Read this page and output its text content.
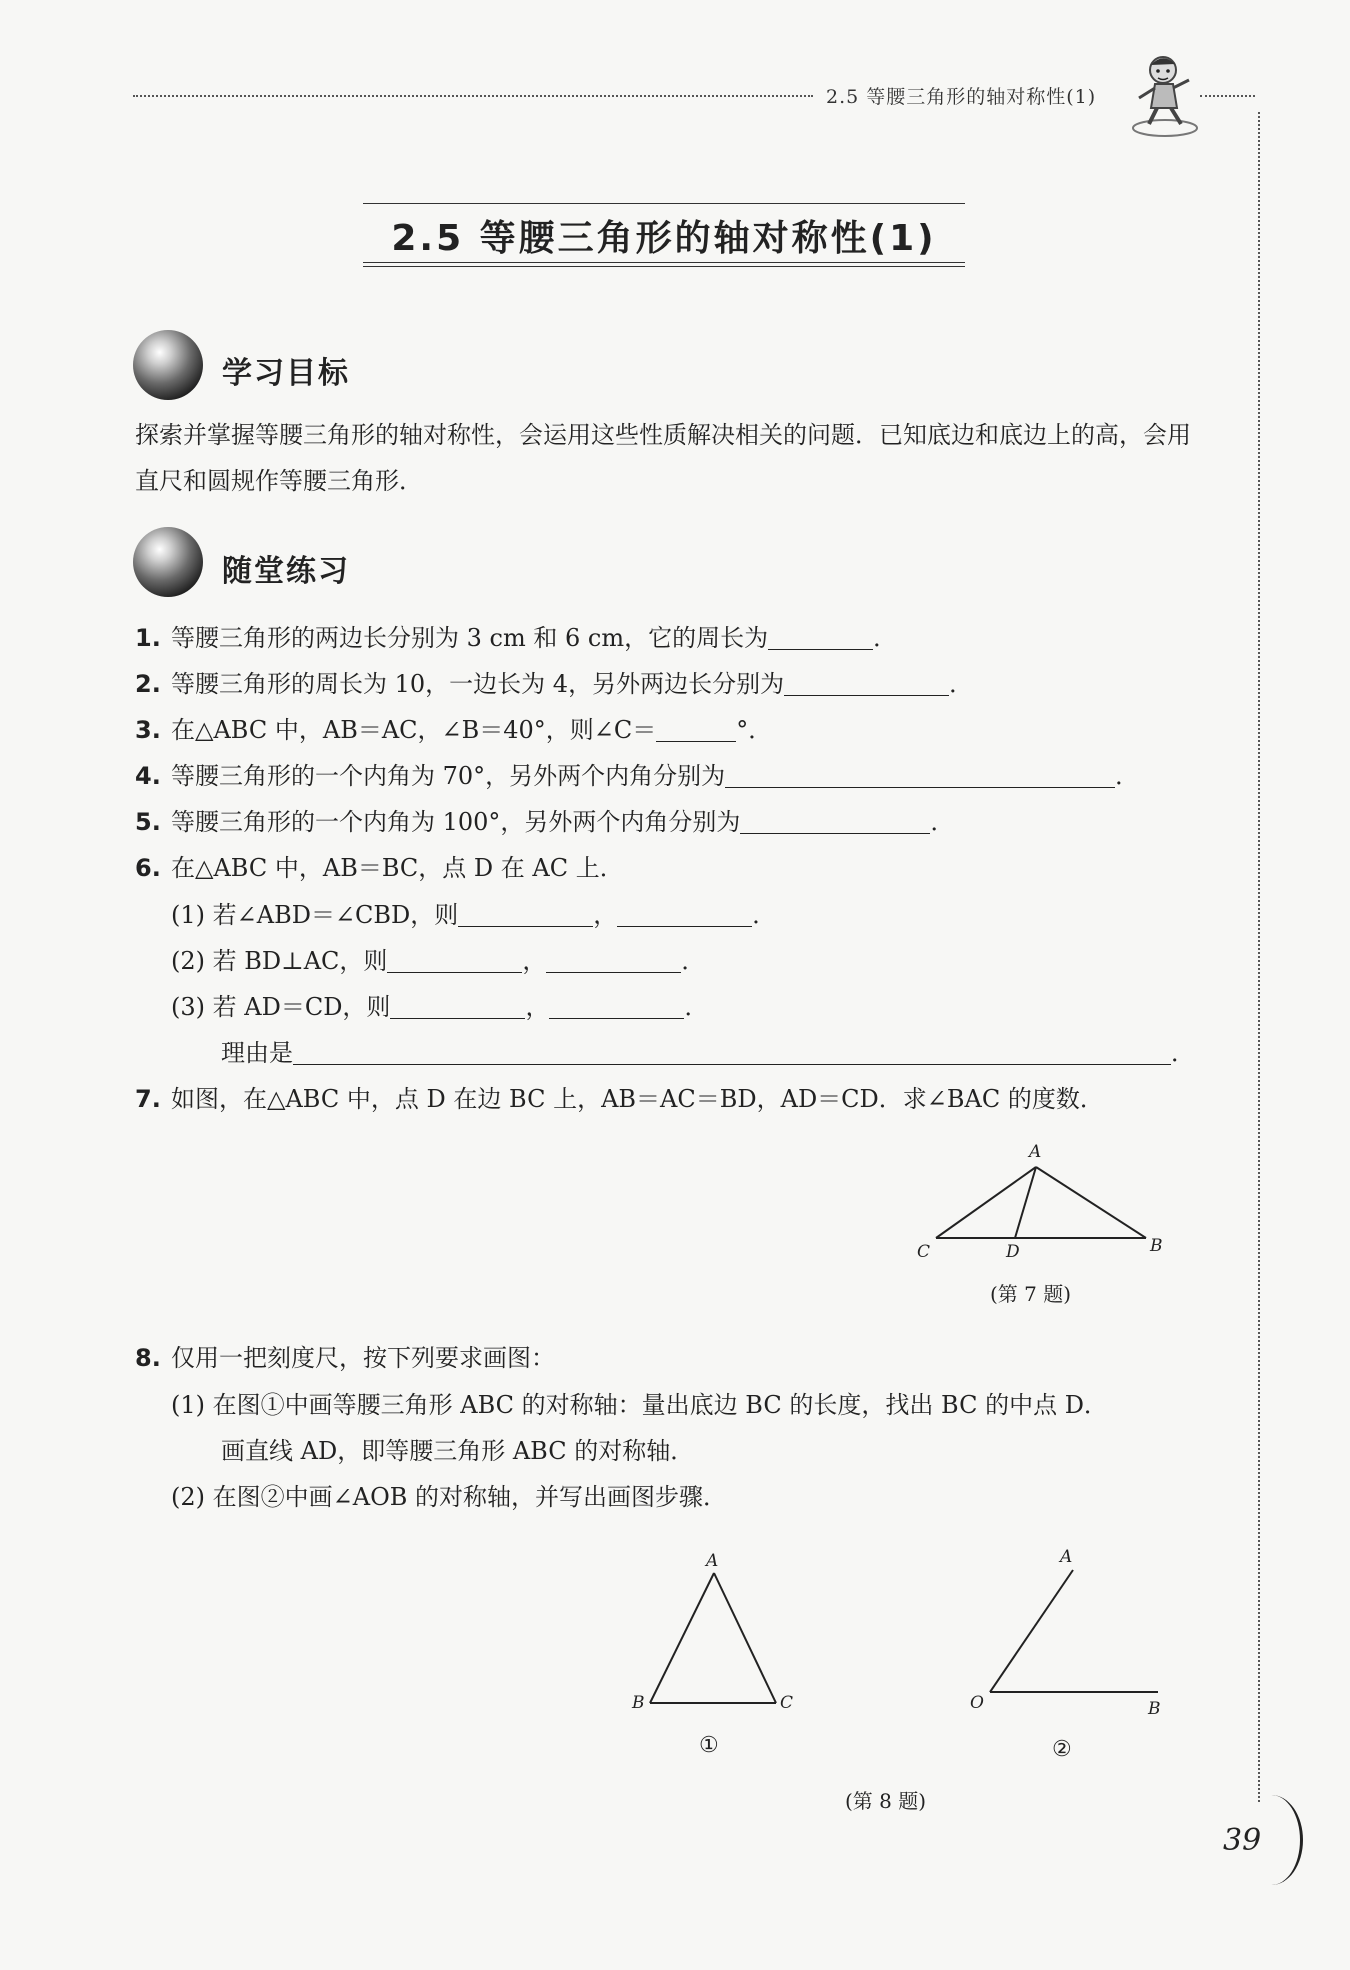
2.5 等腰三角形的轴对称性(1)
2.5 等腰三角形的轴对称性(1)
学习目标
探索并掌握等腰三角形的轴对称性，会运用这些性质解决相关的问题．已知底边和底边上的高，会用直尺和圆规作等腰三角形．
随堂练习
1. 等腰三角形的两边长分别为 3 cm 和 6 cm，它的周长为	．
2. 等腰三角形的周长为 10，一边长为 4，另外两边长分别为	．
3. 在△ABC 中，AB＝AC，∠B＝40°，则∠C＝	°．
4. 等腰三角形的一个内角为 70°，另外两个内角分别为	．
5. 等腰三角形的一个内角为 100°，另外两个内角分别为	．
6. 在△ABC 中，AB＝BC，点 D 在 AC 上．
(1) 若∠ABD＝∠CBD，则	，	．
(2) 若 BD⊥AC，则	，	．
(3) 若 AD＝CD，则	，	．
理由是	．
7. 如图，在△ABC 中，点 D 在边 BC 上，AB＝AC＝BD，AD＝CD．求∠BAC 的度数．
A
C	D	B
(第 7 题)
8. 仅用一把刻度尺，按下列要求画图：
(1) 在图①中画等腰三角形 ABC 的对称轴：量出底边 BC 的长度，找出 BC 的中点 D．
画直线 AD，即等腰三角形 ABC 的对称轴．
(2) 在图②中画∠AOB 的对称轴，并写出画图步骤．
A
B	C
A
O	B
①	②
(第 8 题)
39
